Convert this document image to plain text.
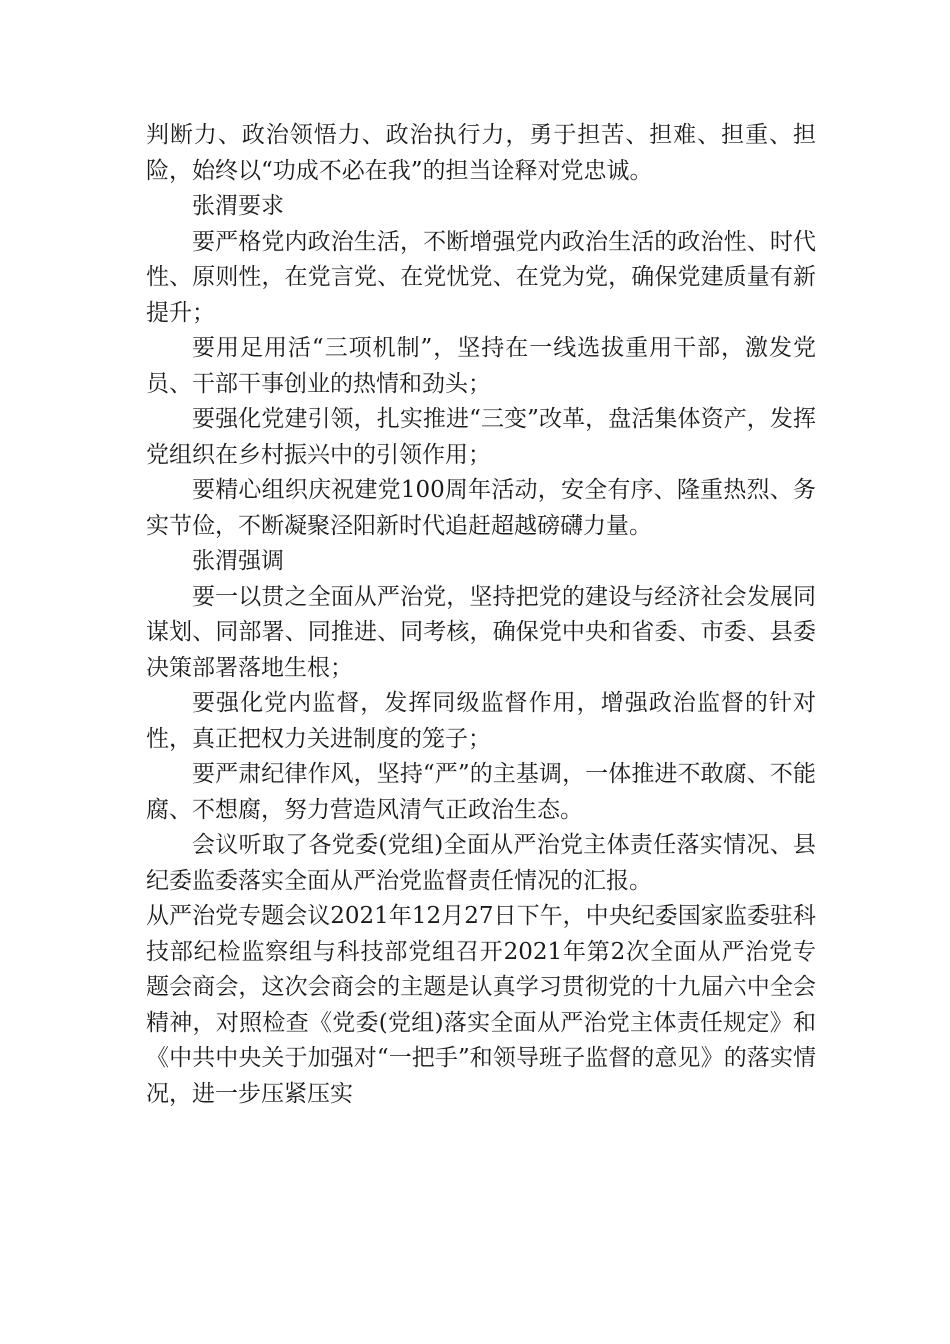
判断力、政治领悟力、政治执行力，勇于担苦、担难、担重、担险，始终以“功成不必在我”的担当诠释对党忠诚。

张渭要求

要严格党内政治生活，不断增强党内政治生活的政治性、时代性、原则性，在党言党、在党忧党、在党为党，确保党建质量有新提升；

要用足用活“三项机制”，坚持在一线选拔重用干部，激发党员、干部干事创业的热情和劲头；

要强化党建引领，扎实推进“三变”改革，盘活集体资产，发挥党组织在乡村振兴中的引领作用；

要精心组织庆祝建党100周年活动，安全有序、隆重热烈、务实节俭，不断凝聚泾阳新时代追赶超越磅礴力量。

张渭强调

要一以贯之全面从严治党，坚持把党的建设与经济社会发展同谋划、同部署、同推进、同考核，确保党中央和省委、市委、县委决策部署落地生根；

要强化党内监督，发挥同级监督作用，增强政治监督的针对性，真正把权力关进制度的笼子；

要严肃纪律作风，坚持“严”的主基调，一体推进不敢腐、不能腐、不想腐，努力营造风清气正政治生态。

会议听取了各党委(党组)全面从严治党主体责任落实情况、县纪委监委落实全面从严治党监督责任情况的汇报。

从严治党专题会议2021年12月27日下午，中央纪委国家监委驻科技部纪检监察组与科技部党组召开2021年第2次全面从严治党专题会商会，这次会商会的主题是认真学习贯彻党的十九届六中全会精神，对照检查《党委(党组)落实全面从严治党主体责任规定》和《中共中央关于加强对“一把手”和领导班子监督的意见》的落实情况，进一步压紧压实
